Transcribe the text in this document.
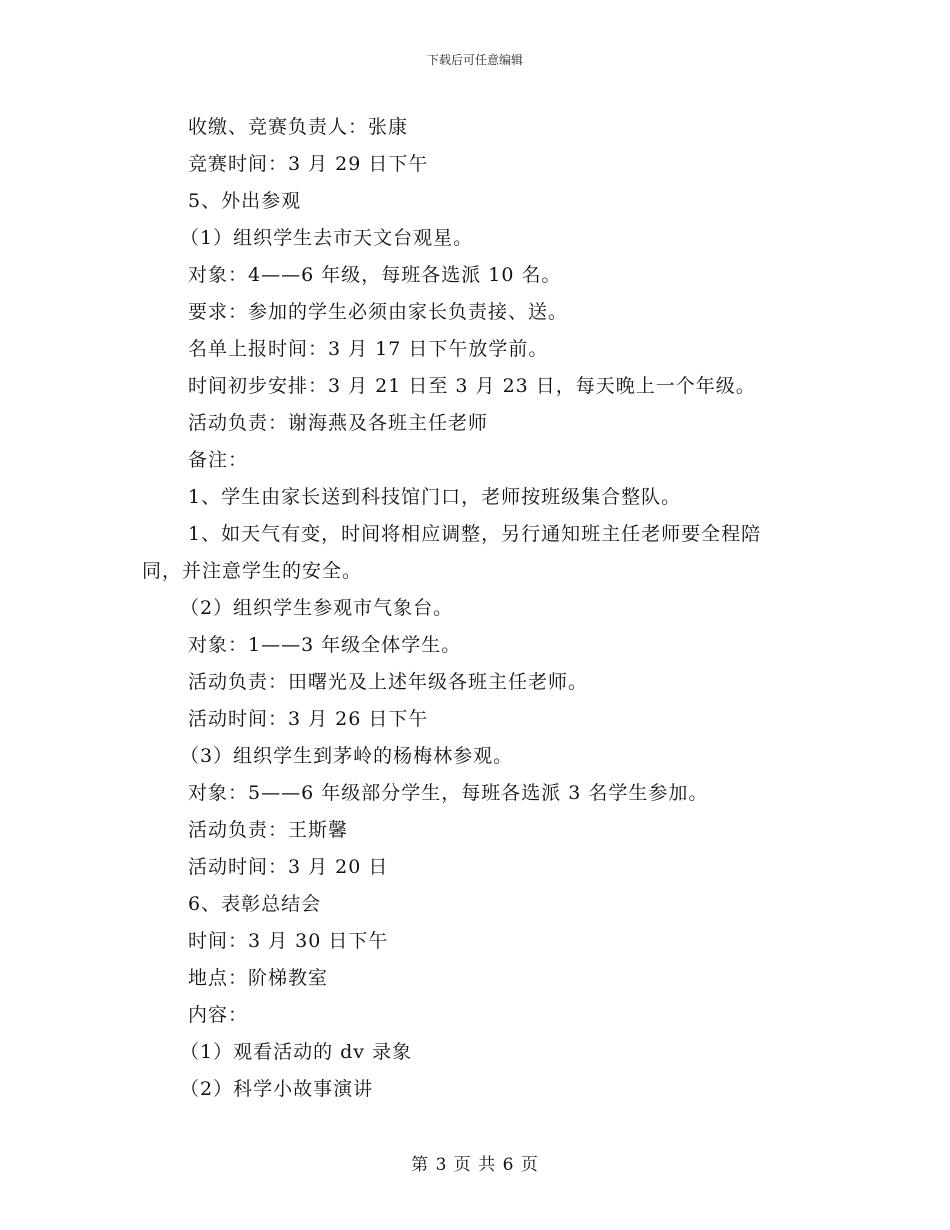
下载后可任意编辑
收缴、竞赛负责人：张康
竞赛时间：3 月 29 日下午
5、外出参观
（1）组织学生去市天文台观星。
对象：4——6 年级，每班各选派 10 名。
要求：参加的学生必须由家长负责接、送。
名单上报时间：3 月 17 日下午放学前。
时间初步安排：3 月 21 日至 3 月 23 日，每天晚上一个年级。
活动负责：谢海燕及各班主任老师
备注：
1、学生由家长送到科技馆门口，老师按班级集合整队。
1、如天气有变，时间将相应调整，另行通知班主任老师要全程陪
同，并注意学生的安全。
（2）组织学生参观市气象台。
对象：1——3 年级全体学生。
活动负责：田曙光及上述年级各班主任老师。
活动时间：3 月 26 日下午
（3）组织学生到茅岭的杨梅林参观。
对象：5——6 年级部分学生，每班各选派 3 名学生参加。
活动负责：王斯馨
活动时间：3 月 20 日
6、表彰总结会
时间：3 月 30 日下午
地点：阶梯教室
内容：
（1）观看活动的 dv 录象
（2）科学小故事演讲
第 3 页 共 6 页
